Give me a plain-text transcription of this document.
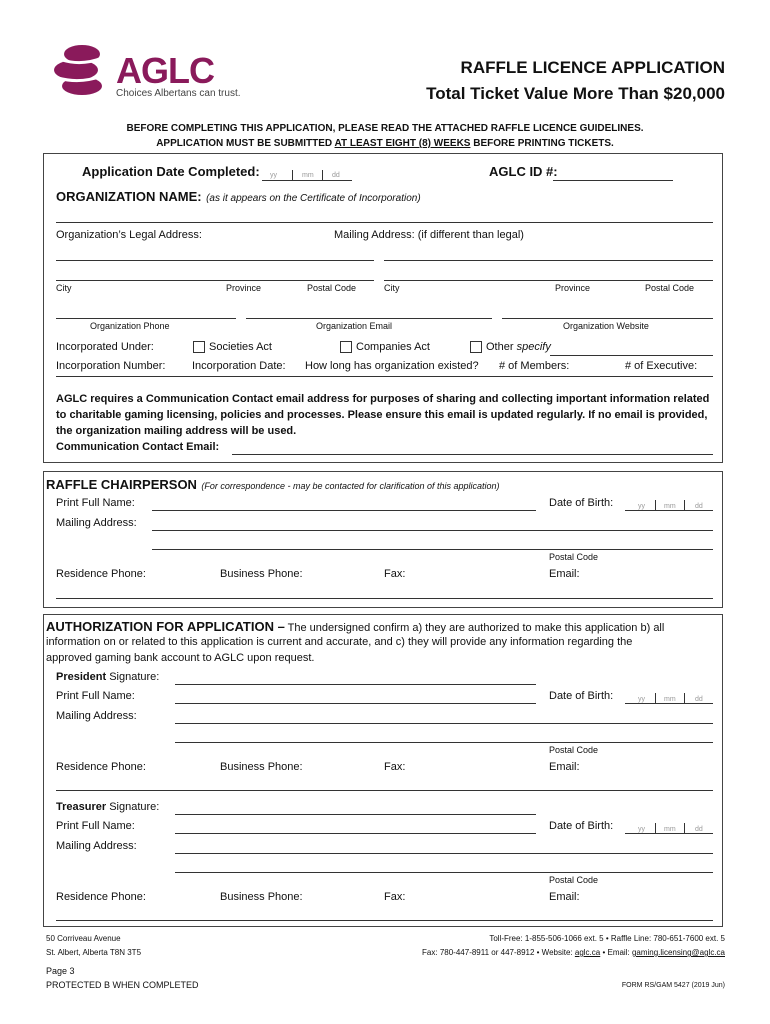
AGLC
Choices Albertans can trust.
RAFFLE LICENCE APPLICATION
Total Ticket Value More Than $20,000
BEFORE COMPLETING THIS APPLICATION, PLEASE READ THE ATTACHED RAFFLE LICENCE GUIDELINES.
APPLICATION MUST BE SUBMITTED AT LEAST EIGHT (8) WEEKS BEFORE PRINTING TICKETS.
Application Date Completed: yy	mm	dd	AGLC ID #:
ORGANIZATION NAME: (as it appears on the Certificate of Incorporation)
Organization’s Legal Address:	Mailing Address: (if different than legal)
City	Province	Postal Code	City	Province	Postal Code
Organization Phone	Organization Email	Organization Website
Incorporated Under:	Societies Act	Companies Act	Other specify
Incorporation Number: Incorporation Date: How long has organization existed? # of Members:	# of Executive:
AGLC requires a Communication Contact email address for purposes of sharing and collecting important information related
to charitable gaming licensing, policies and processes. Please ensure this email is updated regularly. If no email is provided,
the organization mailing address will be used.
Communication Contact Email:
RAFFLE CHAIRPERSON (For correspondence - may be contacted for clarification of this application)
Print Full Name:	Date of Birth:	yy	mm	dd
Mailing Address:
Postal Code
Residence Phone:	Business Phone:	Fax:	Email:
AUTHORIZATION FOR APPLICATION – The undersigned confirm a) they are authorized to make this application b) all
information on or related to this application is current and accurate, and c) they will provide any information regarding the
approved gaming bank account to AGLC upon request.
President Signature:
Print Full Name:	Date of Birth:	yy	mm	dd
Mailing Address:
Postal Code
Residence Phone:	Business Phone:	Fax:	Email:
Treasurer Signature:
Print Full Name:	Date of Birth:	yy	mm	dd
Mailing Address:
Postal Code
Residence Phone:	Business Phone:	Fax:	Email:
50 Corriveau Avenue
St. Albert, Alberta T8N 3T5
Toll-Free: 1-855-506-1066 ext. 5 • Raffle Line: 780-651-7600 ext. 5
Fax: 780-447-8911 or 447-8912 • Website: aglc.ca • Email: gaming.licensing@aglc.ca
Page 3
PROTECTED B WHEN COMPLETED	FORM RS/GAM 5427 (2019 Jun)
